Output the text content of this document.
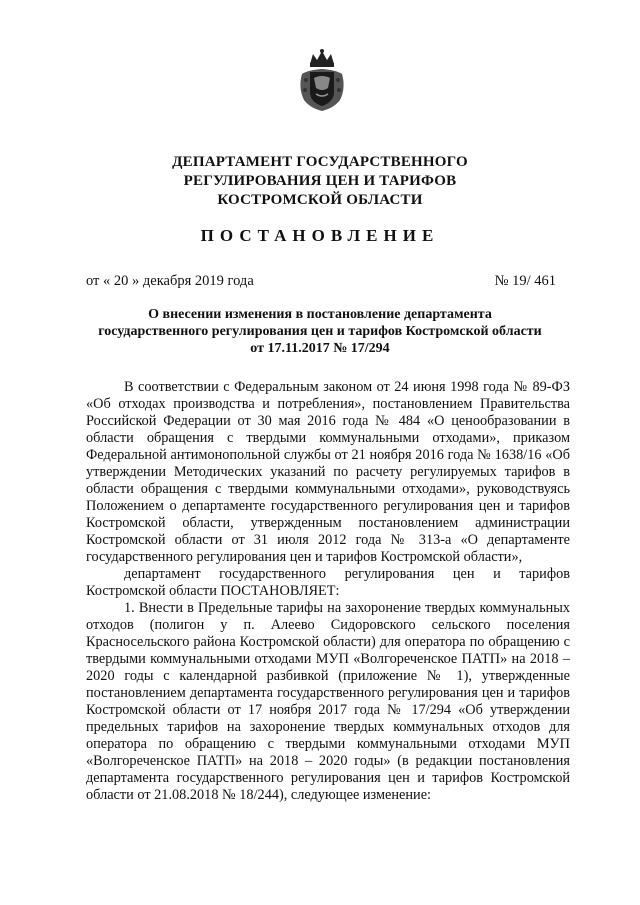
ДЕПАРТАМЕНТ ГОСУДАРСТВЕННОГО
РЕГУЛИРОВАНИЯ ЦЕН И ТАРИФОВ
КОСТРОМСКОЙ ОБЛАСТИ
ПОСТАНОВЛЕНИЕ
от « 20 » декабря 2019 года	№ 19/ 461
О внесении изменения в постановление департамента
государственного регулирования цен и тарифов Костромской области
от 17.11.2017 № 17/294

В соответствии с Федеральным законом от 24 июня 1998 года № 89-ФЗ «Об отходах производства и потребления», постановлением Правительства Российской Федерации от 30 мая 2016 года № 484 «О ценообразовании в области обращения с твердыми коммунальными отходами», приказом Федеральной антимонопольной службы от 21 ноября 2016 года № 1638/16 «Об утверждении Методических указаний по расчету регулируемых тарифов в области обращения с твердыми коммунальными отходами», руководствуясь Положением о департаменте государственного регулирования цен и тарифов Костромской области, утвержденным постановлением администрации Костромской области от 31 июля 2012 года № 313-а «О департаменте государственного регулирования цен и тарифов Костромской области»,

департамент государственного регулирования цен и тарифов Костромской области ПОСТАНОВЛЯЕТ:

1. Внести в Предельные тарифы на захоронение твердых коммунальных отходов (полигон у п. Алеево Сидоровского сельского поселения Красносельского района Костромской области) для оператора по обращению с твердыми коммунальными отходами МУП «Волгореченское ПАТП» на 2018 – 2020 годы с календарной разбивкой (приложение № 1), утвержденные постановлением департамента государственного регулирования цен и тарифов Костромской области от 17 ноября 2017 года № 17/294 «Об утверждении предельных тарифов на захоронение твердых коммунальных отходов для оператора по обращению с твердыми коммунальными отходами МУП «Волгореченское ПАТП» на 2018 – 2020 годы» (в редакции постановления департамента государственного регулирования цен и тарифов Костромской области от 21.08.2018 № 18/244), следующее изменение:
